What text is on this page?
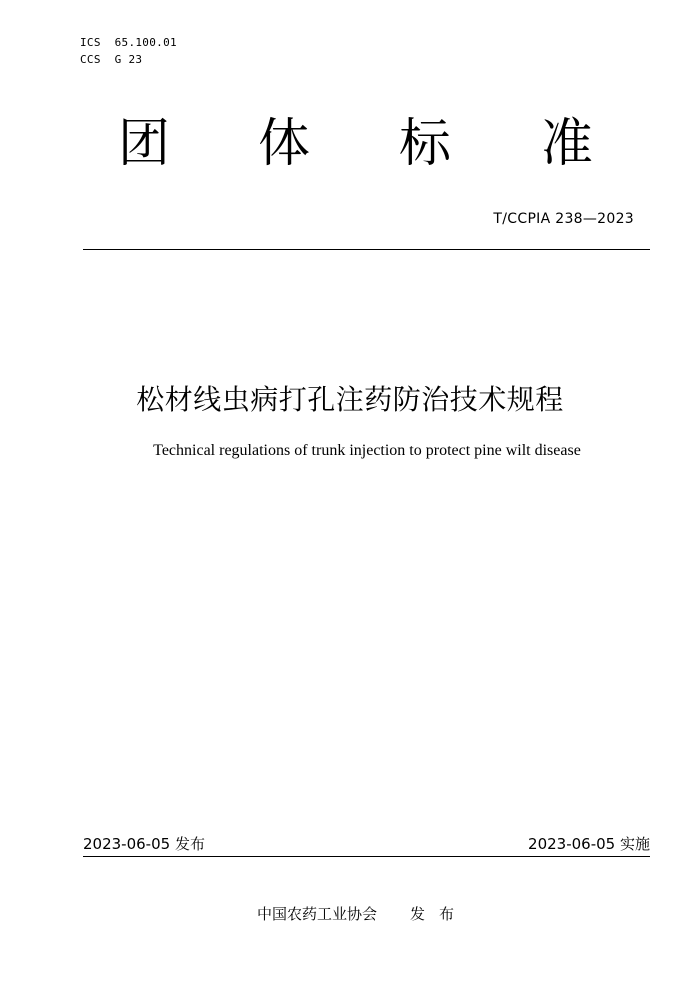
ICS  65.100.01
CCS  G 23
团 体 标 准
T/CCPIA 238—2023
松材线虫病打孔注药防治技术规程
Technical regulations of trunk injection to protect pine wilt disease
2023-06-05 发布	2023-06-05 实施
中国农药工业协会 发布
